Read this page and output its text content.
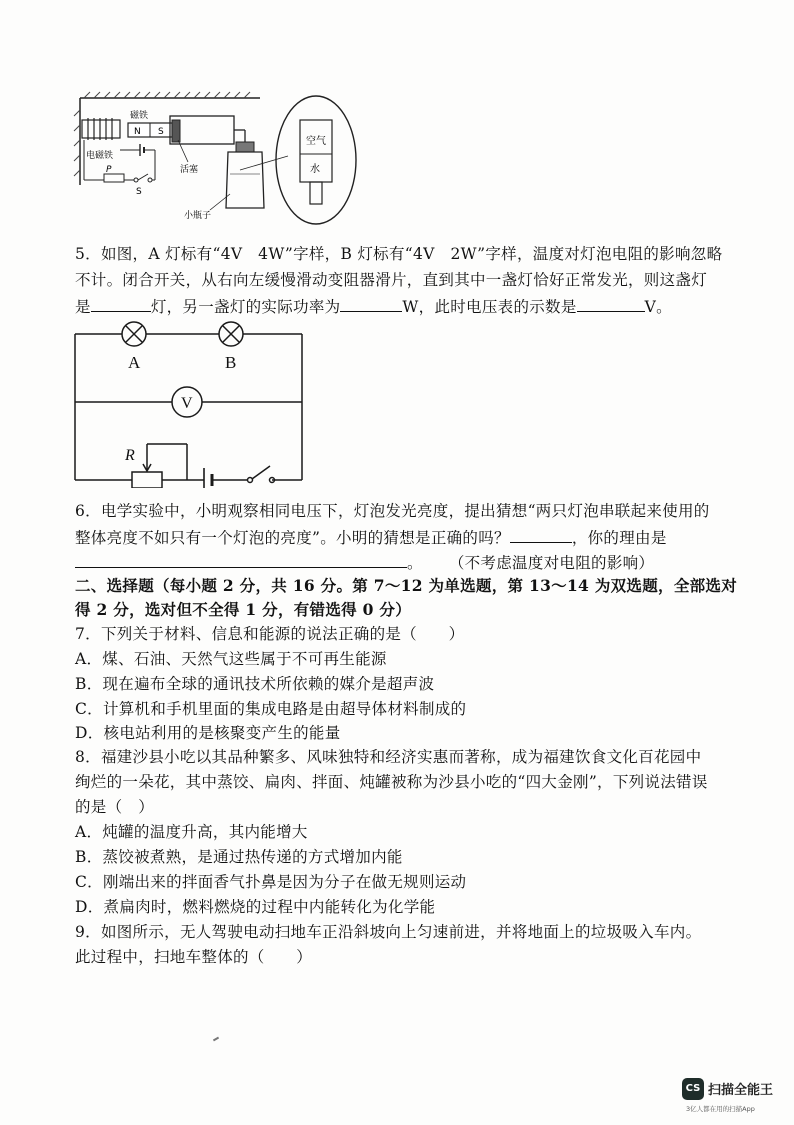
N S
磁铁
活塞
电磁铁
P
S
小瓶子
空气
水
5．如图，A 灯标有“4V　4W”字样，B 灯标有“4V　2W”字样，温度对灯泡电阻的影响忽略
不计。闭合开关，从右向左缓慢滑动变阻器滑片，直到其中一盏灯恰好正常发光，则这盏灯
是	灯，另一盏灯的实际功率为	W，此时电压表的示数是	V。
A	B
V
R
6．电学实验中，小明观察相同电压下，灯泡发光亮度，提出猜想“两只灯泡串联起来使用的
整体亮度不如只有一个灯泡的亮度”。小明的猜想是正确的吗？	，你的理由是
。 （不考虑温度对电阻的影响）
二、选择题（每小题 2 分，共 16 分。第 7～12 为单选题，第 13～14 为双选题，全部选对
得 2 分，选对但不全得 1 分，有错选得 0 分）
7．下列关于材料、信息和能源的说法正确的是（　　）
A．煤、石油、天然气这些属于不可再生能源
B．现在遍布全球的通讯技术所依赖的媒介是超声波
C．计算机和手机里面的集成电路是由超导体材料制成的
D．核电站利用的是核聚变产生的能量
8．福建沙县小吃以其品种繁多、风味独特和经济实惠而著称，成为福建饮食文化百花园中
绚烂的一朵花，其中蒸饺、扁肉、拌面、炖罐被称为沙县小吃的“四大金刚”，下列说法错误
的是（　）
A．炖罐的温度升高，其内能增大
B．蒸饺被煮熟，是通过热传递的方式增加内能
C．刚端出来的拌面香气扑鼻是因为分子在做无规则运动
D．煮扁肉时，燃料燃烧的过程中内能转化为化学能
9．如图所示，无人驾驶电动扫地车正沿斜坡向上匀速前进，并将地面上的垃圾吸入车内。
此过程中，扫地车整体的（　　）
CS 扫描全能王
3亿人都在用的扫描App
